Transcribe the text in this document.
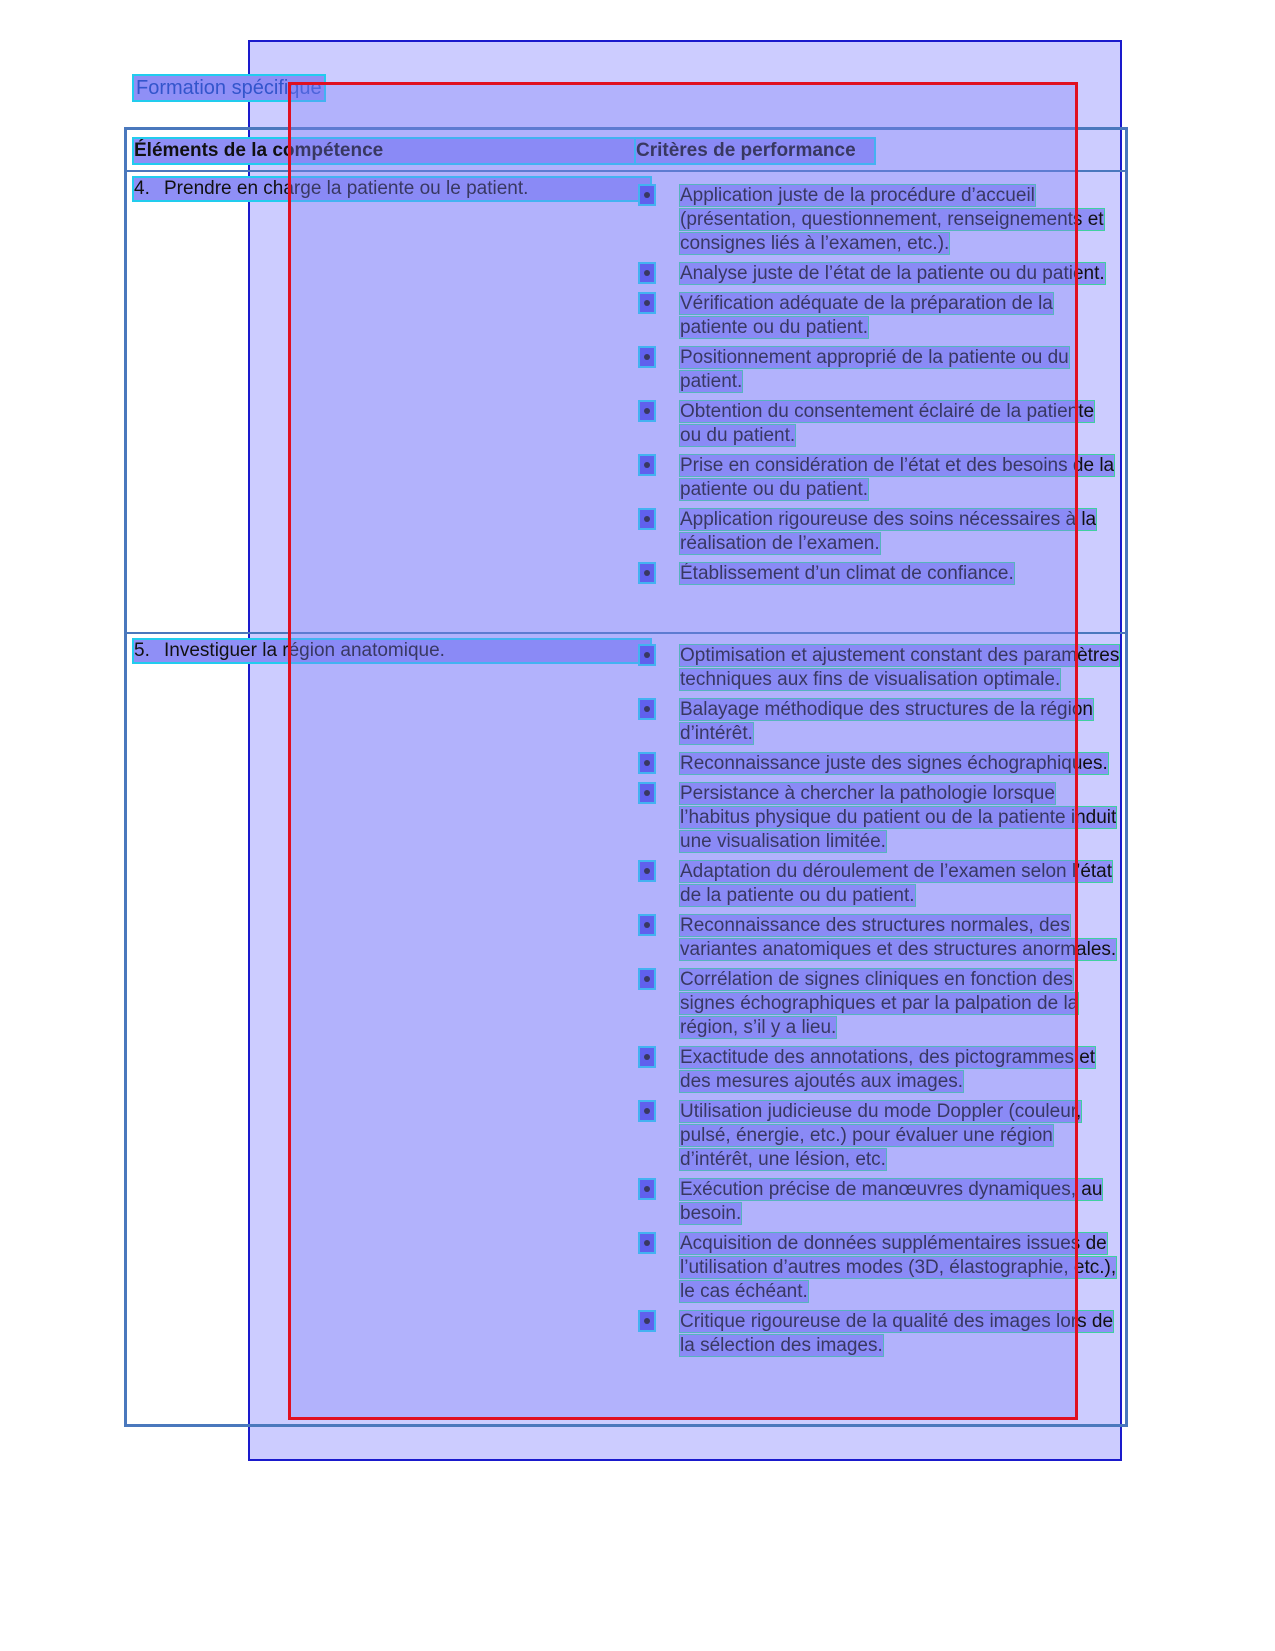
Formation spécifique
Éléments de la compétence	Critères de performance
4. Prendre en charge la patiente ou le patient.	Application juste de la procédure d’accueil (présentation, questionnement, renseignements et consignes liés à l’examen, etc.).
Analyse juste de l’état de la patiente ou du patient.
Vérification adéquate de la préparation de la patiente ou du patient.
Positionnement approprié de la patiente ou du patient.
Obtention du consentement éclairé de la patiente ou du patient.
Prise en considération de l’état et des besoins de la patiente ou du patient.
Application rigoureuse des soins nécessaires à la réalisation de l’examen.
Établissement d’un climat de confiance.
5. Investiguer la région anatomique.	Optimisation et ajustement constant des paramètres techniques aux fins de visualisation optimale.
Balayage méthodique des structures de la région d’intérêt.
Reconnaissance juste des signes échographiques.
Persistance à chercher la pathologie lorsque l’habitus physique du patient ou de la patiente induit une visualisation limitée.
Adaptation du déroulement de l’examen selon l’état de la patiente ou du patient.
Reconnaissance des structures normales, des variantes anatomiques et des structures anormales.
Corrélation de signes cliniques en fonction des signes échographiques et par la palpation de la région, s’il y a lieu.
Exactitude des annotations, des pictogrammes et des mesures ajoutés aux images.
Utilisation judicieuse du mode Doppler (couleur, pulsé, énergie, etc.) pour évaluer une région d’intérêt, une lésion, etc.
Exécution précise de manœuvres dynamiques, au besoin.
Acquisition de données supplémentaires issues de l’utilisation d’autres modes (3D, élastographie, etc.), le cas échéant.
Critique rigoureuse de la qualité des images lors de la sélection des images.
